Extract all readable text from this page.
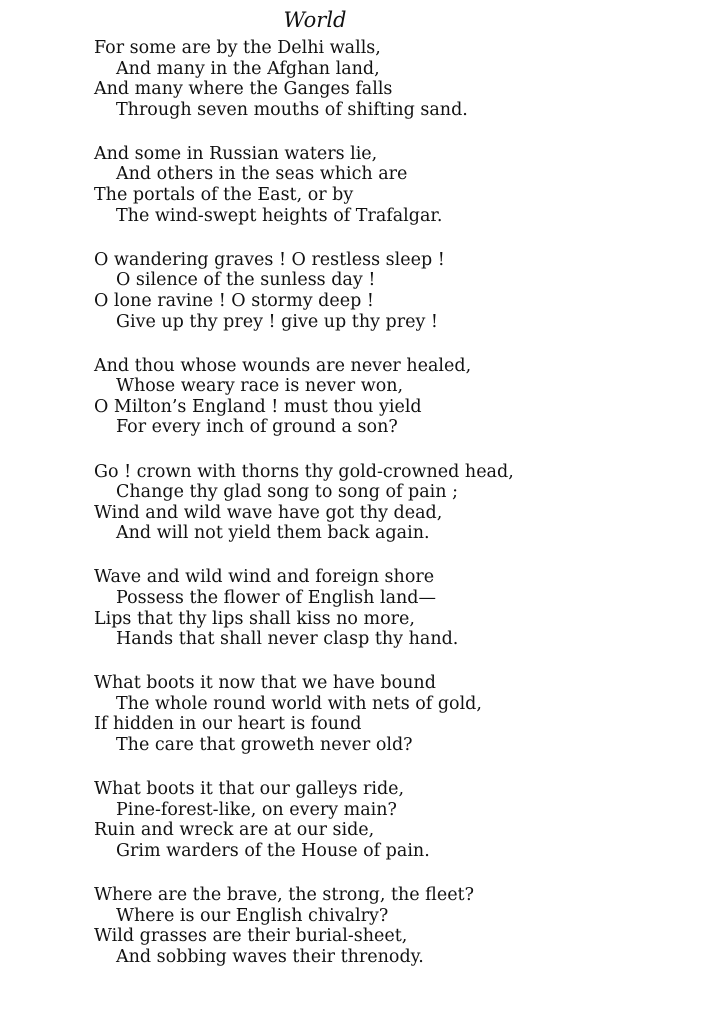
World
For some are by the Delhi walls,
And many in the Afghan land,
And many where the Ganges falls
Through seven mouths of shifting sand.
And some in Russian waters lie,
And others in the seas which are
The portals of the East, or by
The wind-swept heights of Trafalgar.
O wandering graves ! O restless sleep !
O silence of the sunless day !
O lone ravine ! O stormy deep !
Give up thy prey ! give up thy prey !
And thou whose wounds are never healed,
Whose weary race is never won,
O Milton’s England ! must thou yield
For every inch of ground a son?
Go ! crown with thorns thy gold-crowned head,
Change thy glad song to song of pain ;
Wind and wild wave have got thy dead,
And will not yield them back again.
Wave and wild wind and foreign shore
Possess the flower of English land—
Lips that thy lips shall kiss no more,
Hands that shall never clasp thy hand.
What boots it now that we have bound
The whole round world with nets of gold,
If hidden in our heart is found
The care that groweth never old?
What boots it that our galleys ride,
Pine-forest-like, on every main?
Ruin and wreck are at our side,
Grim warders of the House of pain.
Where are the brave, the strong, the fleet?
Where is our English chivalry?
Wild grasses are their burial-sheet,
And sobbing waves their threnody.
